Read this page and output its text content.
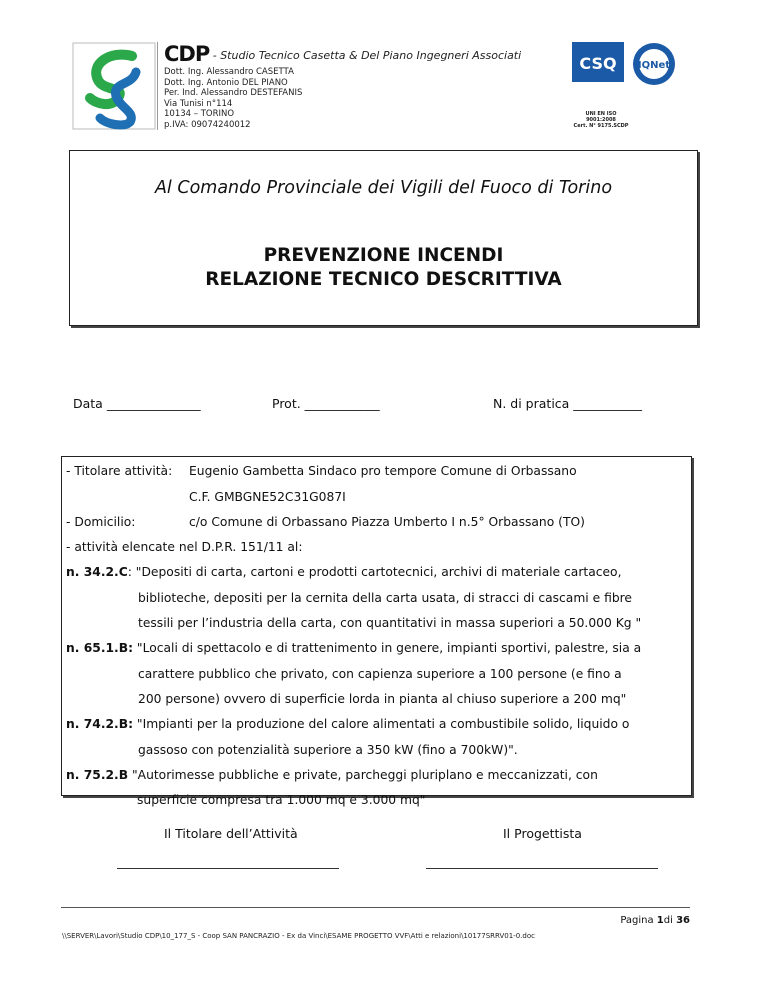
CDP - Studio Tecnico Casetta & Del Piano Ingegneri Associati
Dott. Ing. Alessandro CASETTA
Dott. Ing. Antonio DEL PIANO
Per. Ind. Alessandro DESTEFANIS
Via Tunisi n°114
10134 – TORINO
p.IVA: 09074240012
CSQ IQNet
UNI EN ISO 9001:2008
Cert. N° 9175.SCDP
Al Comando Provinciale dei Vigili del Fuoco di Torino
PREVENZIONE INCENDI
RELAZIONE TECNICO DESCRITTIVA
Data _______________	Prot. ____________	N. di pratica ___________
- Titolare attività: Eugenio Gambetta Sindaco pro tempore Comune di Orbassano
C.F. GMBGNE52C31G087I
- Domicilio:	c/o Comune di Orbassano Piazza Umberto I n.5° Orbassano (TO)
- attività elencate nel D.P.R. 151/11 al:
n. 34.2.C: "Depositi di carta, cartoni e prodotti cartotecnici, archivi di materiale cartaceo,
biblioteche, depositi per la cernita della carta usata, di stracci di cascami e fibre
tessili per l’industria della carta, con quantitativi in massa superiori a 50.000 Kg "
n. 65.1.B: "Locali di spettacolo e di trattenimento in genere, impianti sportivi, palestre, sia a
carattere pubblico che privato, con capienza superiore a 100 persone (e fino a
200 persone) ovvero di superficie lorda in pianta al chiuso superiore a 200 mq"
n. 74.2.B: "Impianti per la produzione del calore alimentati a combustibile solido, liquido o
gassoso con potenzialità superiore a 350 kW (fino a 700kW)".
n. 75.2.B "Autorimesse pubbliche e private, parcheggi pluriplano e meccanizzati, con
superficie compresa tra 1.000 mq e 3.000 mq"
Il Titolare dell’Attività	Il Progettista
Pagina 1di 36
\\SERVER\Lavori\Studio CDP\10_177_S - Coop SAN PANCRAZIO - Ex da Vinci\ESAME PROGETTO VVF\Atti e relazioni\10177SRRV01-0.doc
